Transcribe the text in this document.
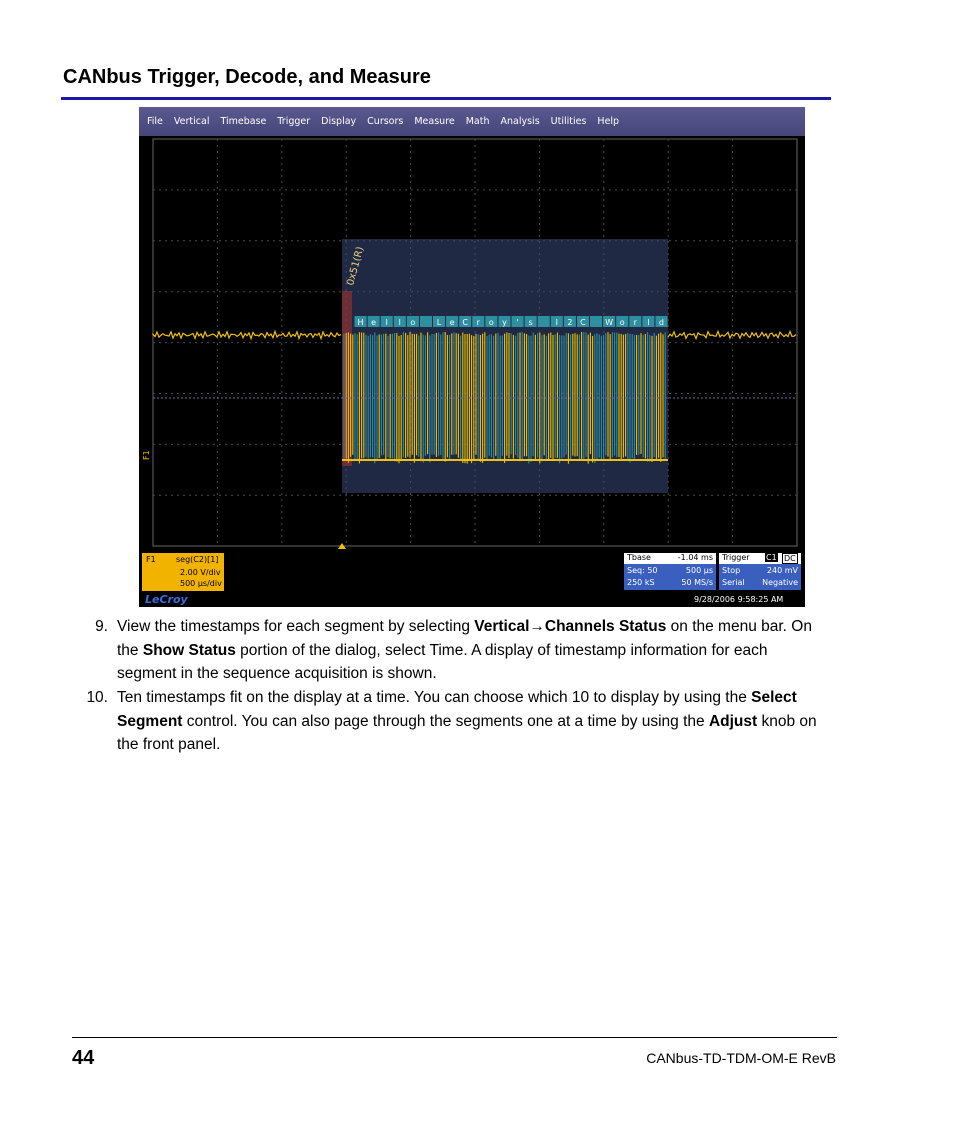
CANbus Trigger, Decode, and Measure
File Vertical Timebase Trigger Display Cursors Measure Math Analysis Utilities Help
0x51(R)
H e l l o	L e C r o y ' s	I 2 C W o r l d
F1
F1	seg(C2)[1]
2.00 V/div
500 µs/div
LeCroy
Tbase	-1.04 ms
Seq: 50	500 µs
250 kS	50 MS/s
Trigger C1 DC
Stop	240 mV
Serial Negative
9/28/2006 9:58:25 AM
9. View the timestamps for each segment by selecting Vertical→Channels Status on the menu bar. On the Show Status portion of the dialog, select Time. A display of timestamp information for each segment in the sequence acquisition is shown.
10. Ten timestamps fit on the display at a time. You can choose which 10 to display by using the Select Segment control. You can also page through the segments one at a time by using the Adjust knob on the front panel.
44	CANbus-TD-TDM-OM-E RevB
